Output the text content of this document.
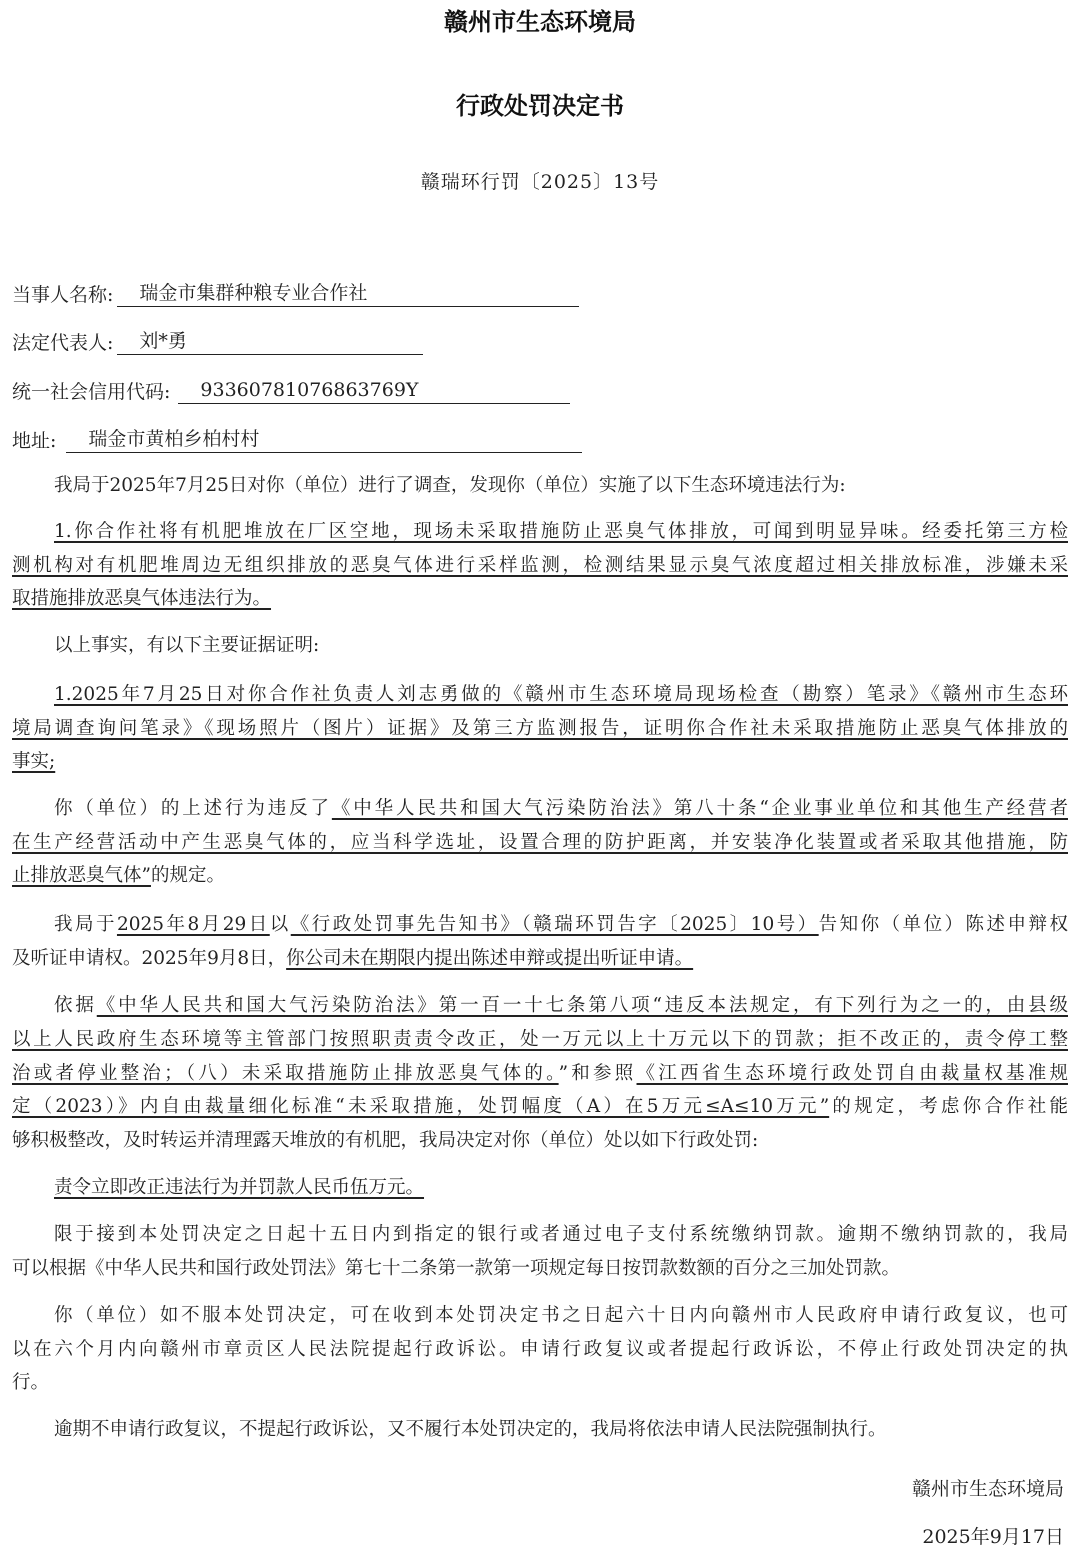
赣州市生态环境局
行政处罚决定书
赣瑞环行罚〔2025〕13号
当事人名称: 瑞金市集群种粮专业合作社
法定代表人: 刘*勇
统一社会信用代码: 93360781076863769Y
地址: 瑞金市黄柏乡柏村村
我局于2025年7月25日对你（单位）进行了调查，发现你（单位）实施了以下生态环境违法行为:
1.你合作社将有机肥堆放在厂区空地，现场未采取措施防止恶臭气体排放，可闻到明显异味。经委托第三方检
测机构对有机肥堆周边无组织排放的恶臭气体进行采样监测，检测结果显示臭气浓度超过相关排放标准，涉嫌未采
取措施排放恶臭气体违法行为。
以上事实，有以下主要证据证明:
1.2025年7月25日对你合作社负责人刘志勇做的《赣州市生态环境局现场检查（勘察）笔录》《赣州市生态环
境局调查询问笔录》《现场照片（图片）证据》及第三方监测报告，证明你合作社未采取措施防止恶臭气体排放的
事实;
你（单位）的上述行为违反了《中华人民共和国大气污染防治法》第八十条“企业事业单位和其他生产经营者
在生产经营活动中产生恶臭气体的，应当科学选址，设置合理的防护距离，并安装净化装置或者采取其他措施，防
止排放恶臭气体”的规定。
我局于2025年8月29日以《行政处罚事先告知书》（赣瑞环罚告字〔2025〕10号）告知你（单位）陈述申辩权
及听证申请权。2025年9月8日，你公司未在期限内提出陈述申辩或提出听证申请。
依据《中华人民共和国大气污染防治法》第一百一十七条第八项“违反本法规定，有下列行为之一的，由县级
以上人民政府生态环境等主管部门按照职责责令改正，处一万元以上十万元以下的罚款；拒不改正的，责令停工整
治或者停业整治；（八）未采取措施防止排放恶臭气体的。”和参照《江西省生态环境行政处罚自由裁量权基准规
定（2023）》内自由裁量细化标准“未采取措施，处罚幅度（A）在5万元≤A≤10万元”的规定，考虑你合作社能
够积极整改，及时转运并清理露天堆放的有机肥，我局决定对你（单位）处以如下行政处罚:
责令立即改正违法行为并罚款人民币伍万元。
限于接到本处罚决定之日起十五日内到指定的银行或者通过电子支付系统缴纳罚款。逾期不缴纳罚款的，我局
可以根据《中华人民共和国行政处罚法》第七十二条第一款第一项规定每日按罚款数额的百分之三加处罚款。
你（单位）如不服本处罚决定，可在收到本处罚决定书之日起六十日内向赣州市人民政府申请行政复议，也可
以在六个月内向赣州市章贡区人民法院提起行政诉讼。申请行政复议或者提起行政诉讼，不停止行政处罚决定的执
行。
逾期不申请行政复议，不提起行政诉讼，又不履行本处罚决定的，我局将依法申请人民法院强制执行。
赣州市生态环境局
2025年9月17日
